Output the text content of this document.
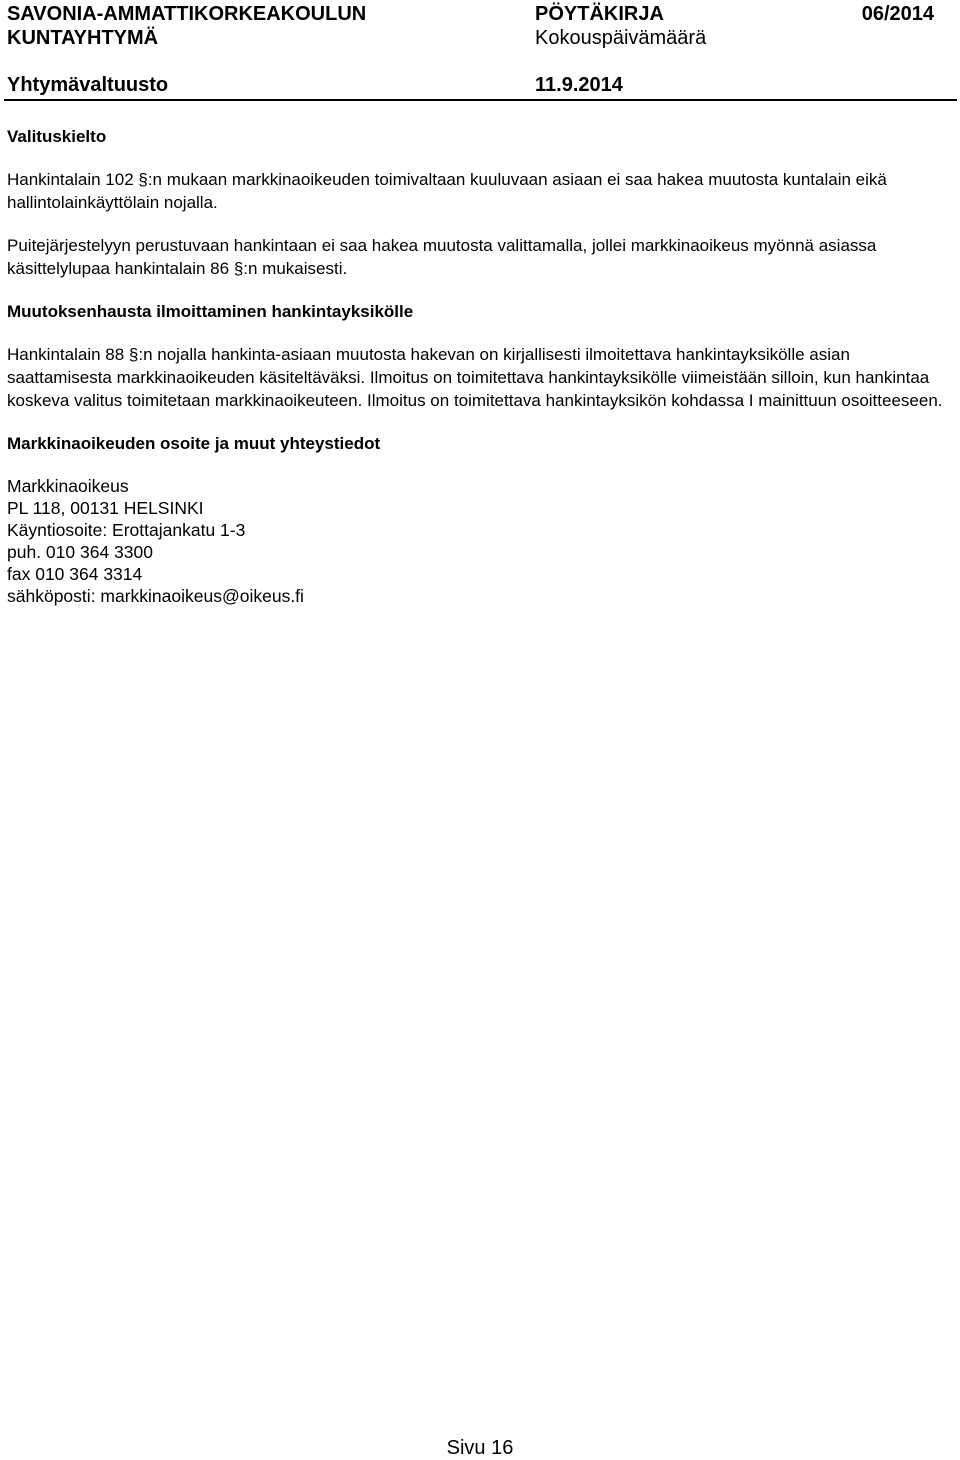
SAVONIA-AMMATTIKORKEAKOULUN
KUNTAYHTYMÄ
PÖYTÄKIRJA
Kokouspäivämäärä
06/2014
Yhtymävaltuusto	11.9.2014
Valituskielto

Hankintalain 102 §:n mukaan markkinaoikeuden toimivaltaan kuuluvaan asiaan ei saa hakea muutosta kuntalain eikä hallintolainkäyttölain nojalla.

Puitejärjestelyyn perustuvaan hankintaan ei saa hakea muutosta valittamalla, jollei markkinaoikeus myönnä asiassa käsittelylupaa hankintalain 86 §:n mukaisesti.

Muutoksenhausta ilmoittaminen hankintayksikölle

Hankintalain 88 §:n nojalla hankinta-asiaan muutosta hakevan on kirjallisesti ilmoitettava hankintayksikölle asian saattamisesta markkinaoikeuden käsiteltäväksi. Ilmoitus on toimitettava hankintayksikölle viimeistään silloin, kun hankintaa koskeva valitus toimitetaan markkinaoikeuteen. Ilmoitus on toimitettava hankintayksikön kohdassa I mainittuun osoitteeseen.

Markkinaoikeuden osoite ja muut yhteystiedot
Markkinaoikeus
PL 118, 00131 HELSINKI
Käyntiosoite: Erottajankatu 1-3
puh. 010 364 3300
fax 010 364 3314
sähköposti: markkinaoikeus@oikeus.fi
Sivu 16
